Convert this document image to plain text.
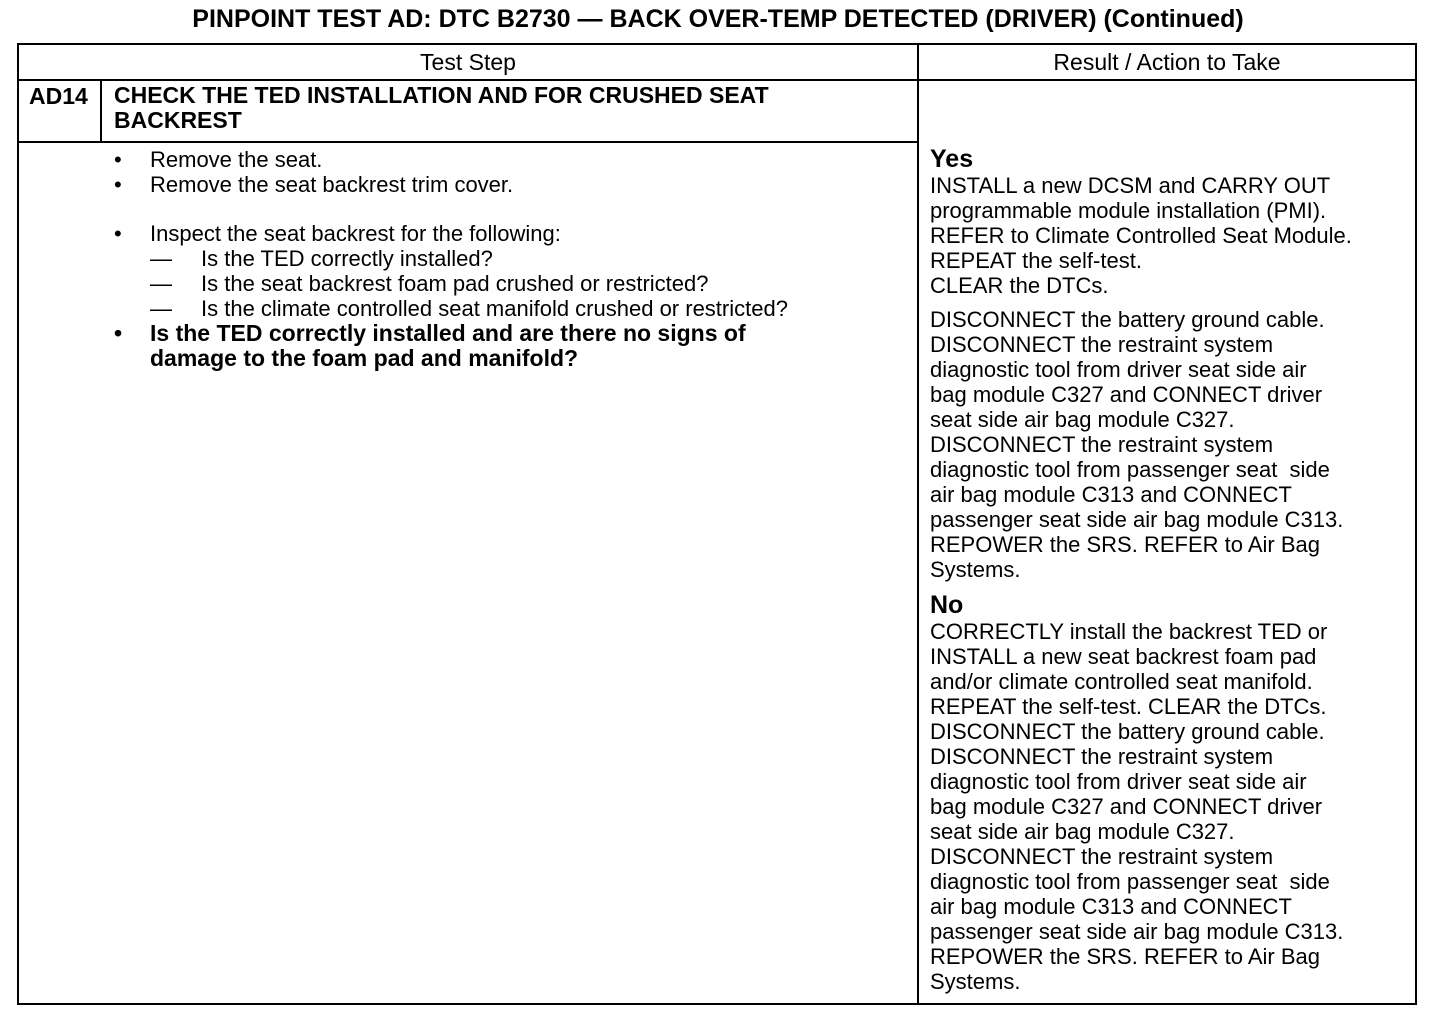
PINPOINT TEST AD: DTC B2730 — BACK OVER-TEMP DETECTED (DRIVER) (Continued)
Test Step	Result / Action to Take
AD14 CHECK THE TED INSTALLATION AND FOR CRUSHED SEAT
BACKREST
• Remove the seat.
• Remove the seat backrest trim cover.
• Inspect the seat backrest for the following:
— Is the TED correctly installed?
— Is the seat backrest foam pad crushed or restricted?
— Is the climate controlled seat manifold crushed or restricted?
• Is the TED correctly installed and are there no signs of
damage to the foam pad and manifold?
Yes
INSTALL a new DCSM and CARRY OUT
programmable module installation (PMI).
REFER to Climate Controlled Seat Module.
REPEAT the self-test.
CLEAR the DTCs.
DISCONNECT the battery ground cable.
DISCONNECT the restraint system
diagnostic tool from driver seat side air
bag module C327 and CONNECT driver
seat side air bag module C327.
DISCONNECT the restraint system
diagnostic tool from passenger seat  side
air bag module C313 and CONNECT
passenger seat side air bag module C313.
REPOWER the SRS. REFER to Air Bag
Systems.
No
CORRECTLY install the backrest TED or
INSTALL a new seat backrest foam pad
and/or climate controlled seat manifold.
REPEAT the self-test. CLEAR the DTCs.
DISCONNECT the battery ground cable.
DISCONNECT the restraint system
diagnostic tool from driver seat side air
bag module C327 and CONNECT driver
seat side air bag module C327.
DISCONNECT the restraint system
diagnostic tool from passenger seat  side
air bag module C313 and CONNECT
passenger seat side air bag module C313.
REPOWER the SRS. REFER to Air Bag
Systems.
